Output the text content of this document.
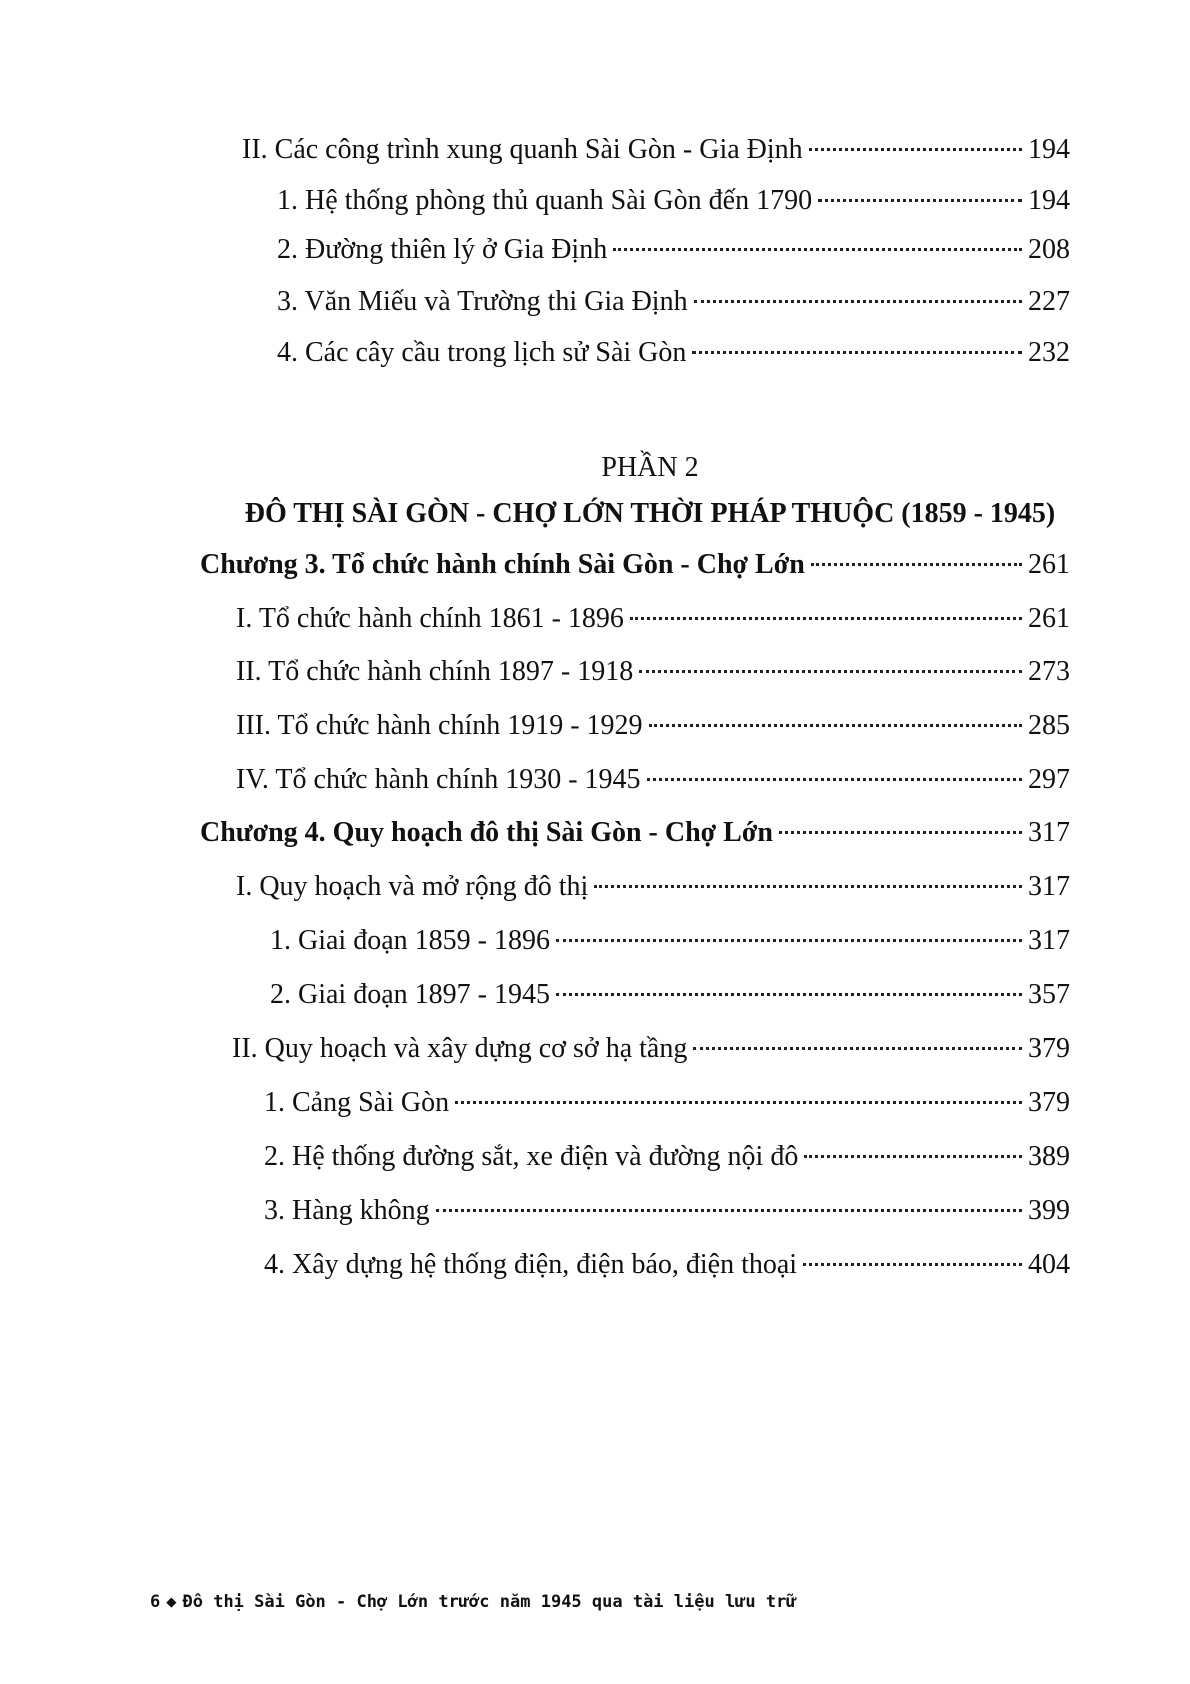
II. Các công trình xung quanh Sài Gòn - Gia Định	194
1. Hệ thống phòng thủ quanh Sài Gòn đến 1790	194
2. Đường thiên lý ở Gia Định	208
3. Văn Miếu và Trường thi Gia Định	227
4. Các cây cầu trong lịch sử Sài Gòn	232
PHẦN 2
ĐÔ THỊ SÀI GÒN - CHỢ LỚN THỜI PHÁP THUỘC (1859 - 1945)
Chương 3. Tổ chức hành chính Sài Gòn - Chợ Lớn	261
I. Tổ chức hành chính 1861 - 1896	261
II. Tổ chức hành chính 1897 - 1918	273
III. Tổ chức hành chính 1919 - 1929	285
IV. Tổ chức hành chính 1930 - 1945	297
Chương 4. Quy hoạch đô thị Sài Gòn - Chợ Lớn	317
I. Quy hoạch và mở rộng đô thị	317
1. Giai đoạn 1859 - 1896	317
2. Giai đoạn 1897 - 1945	357
II. Quy hoạch và xây dựng cơ sở hạ tầng	379
1. Cảng Sài Gòn	379
2. Hệ thống đường sắt, xe điện và đường nội đô	389
3. Hàng không	399
4. Xây dựng hệ thống điện, điện báo, điện thoại	404
6 ◆ Đô thị Sài Gòn - Chợ Lớn trước năm 1945 qua tài liệu lưu trữ
